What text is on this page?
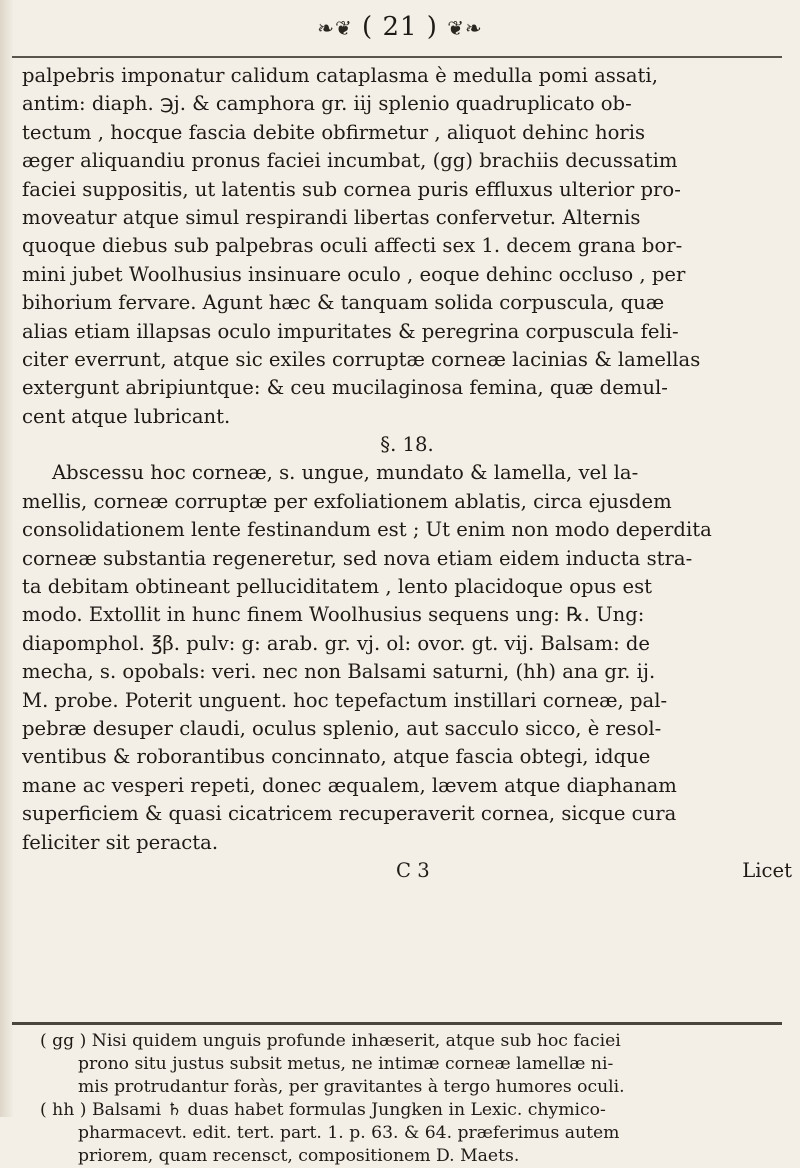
❧❦ ( 21 ) ❦❧
palpebris imponatur calidum cataplasma è medulla pomi assati,
antim: diaph. ℈j. & camphora gr. iij splenio quadruplicato ob-
tectum , hocque fascia debite obfirmetur , aliquot dehinc horis
æger aliquandiu pronus faciei incumbat, (gg) brachiis decussatim
faciei suppositis, ut latentis sub cornea puris effluxus ulterior pro-
moveatur atque simul respirandi libertas confervetur. Alternis
quoque diebus sub palpebras oculi affecti sex 1. decem grana bor-
mini jubet Woolhusius insinuare oculo , eoque dehinc occluso , per
bihorium fervare. Agunt hæc & tanquam solida corpuscula, quæ
alias etiam illapsas oculo impuritates & peregrina corpuscula feli-
citer everrunt, atque sic exiles corruptæ corneæ lacinias & lamellas
extergunt abripiuntque: & ceu mucilaginosa femina, quæ demul-
cent atque lubricant.
§. 18.
Abscessu hoc corneæ, s. ungue, mundato & lamella, vel la-
mellis, corneæ corruptæ per exfoliationem ablatis, circa ejusdem
consolidationem lente festinandum est ; Ut enim non modo deperdita
corneæ substantia regeneretur, sed nova etiam eidem inducta stra-
ta debitam obtineant pelluciditatem , lento placidoque opus est
modo. Extollit in hunc finem Woolhusius sequens ung: ℞. Ung:
diapomphol. ℥β. pulv: g: arab. gr. vj. ol: ovor. gt. vij. Balsam: de
mecha, s. opobals: veri. nec non Balsami saturni, (hh) ana gr. ij.
M. probe. Poterit unguent. hoc tepefactum instillari corneæ, pal-
pebræ desuper claudi, oculus splenio, aut sacculo sicco, è resol-
ventibus & roborantibus concinnato, atque fascia obtegi, idque
mane ac vesperi repeti, donec æqualem, lævem atque diaphanam
superficiem & quasi cicatricem recuperaverit cornea, sicque cura
feliciter sit peracta.
C 3	Licet
( gg ) Nisi quidem unguis profunde inhæserit, atque sub hoc faciei
prono situ justus subsit metus, ne intimæ corneæ lamellæ ni-
mis protrudantur foràs, per gravitantes à tergo humores oculi.
( hh ) Balsami ♄ duas habet formulas Jungken in Lexic. chymico-
pharmacevt. edit. tert. part. 1. p. 63. & 64. præferimus autem
priorem, quam recensct, compositionem D. Maets.
